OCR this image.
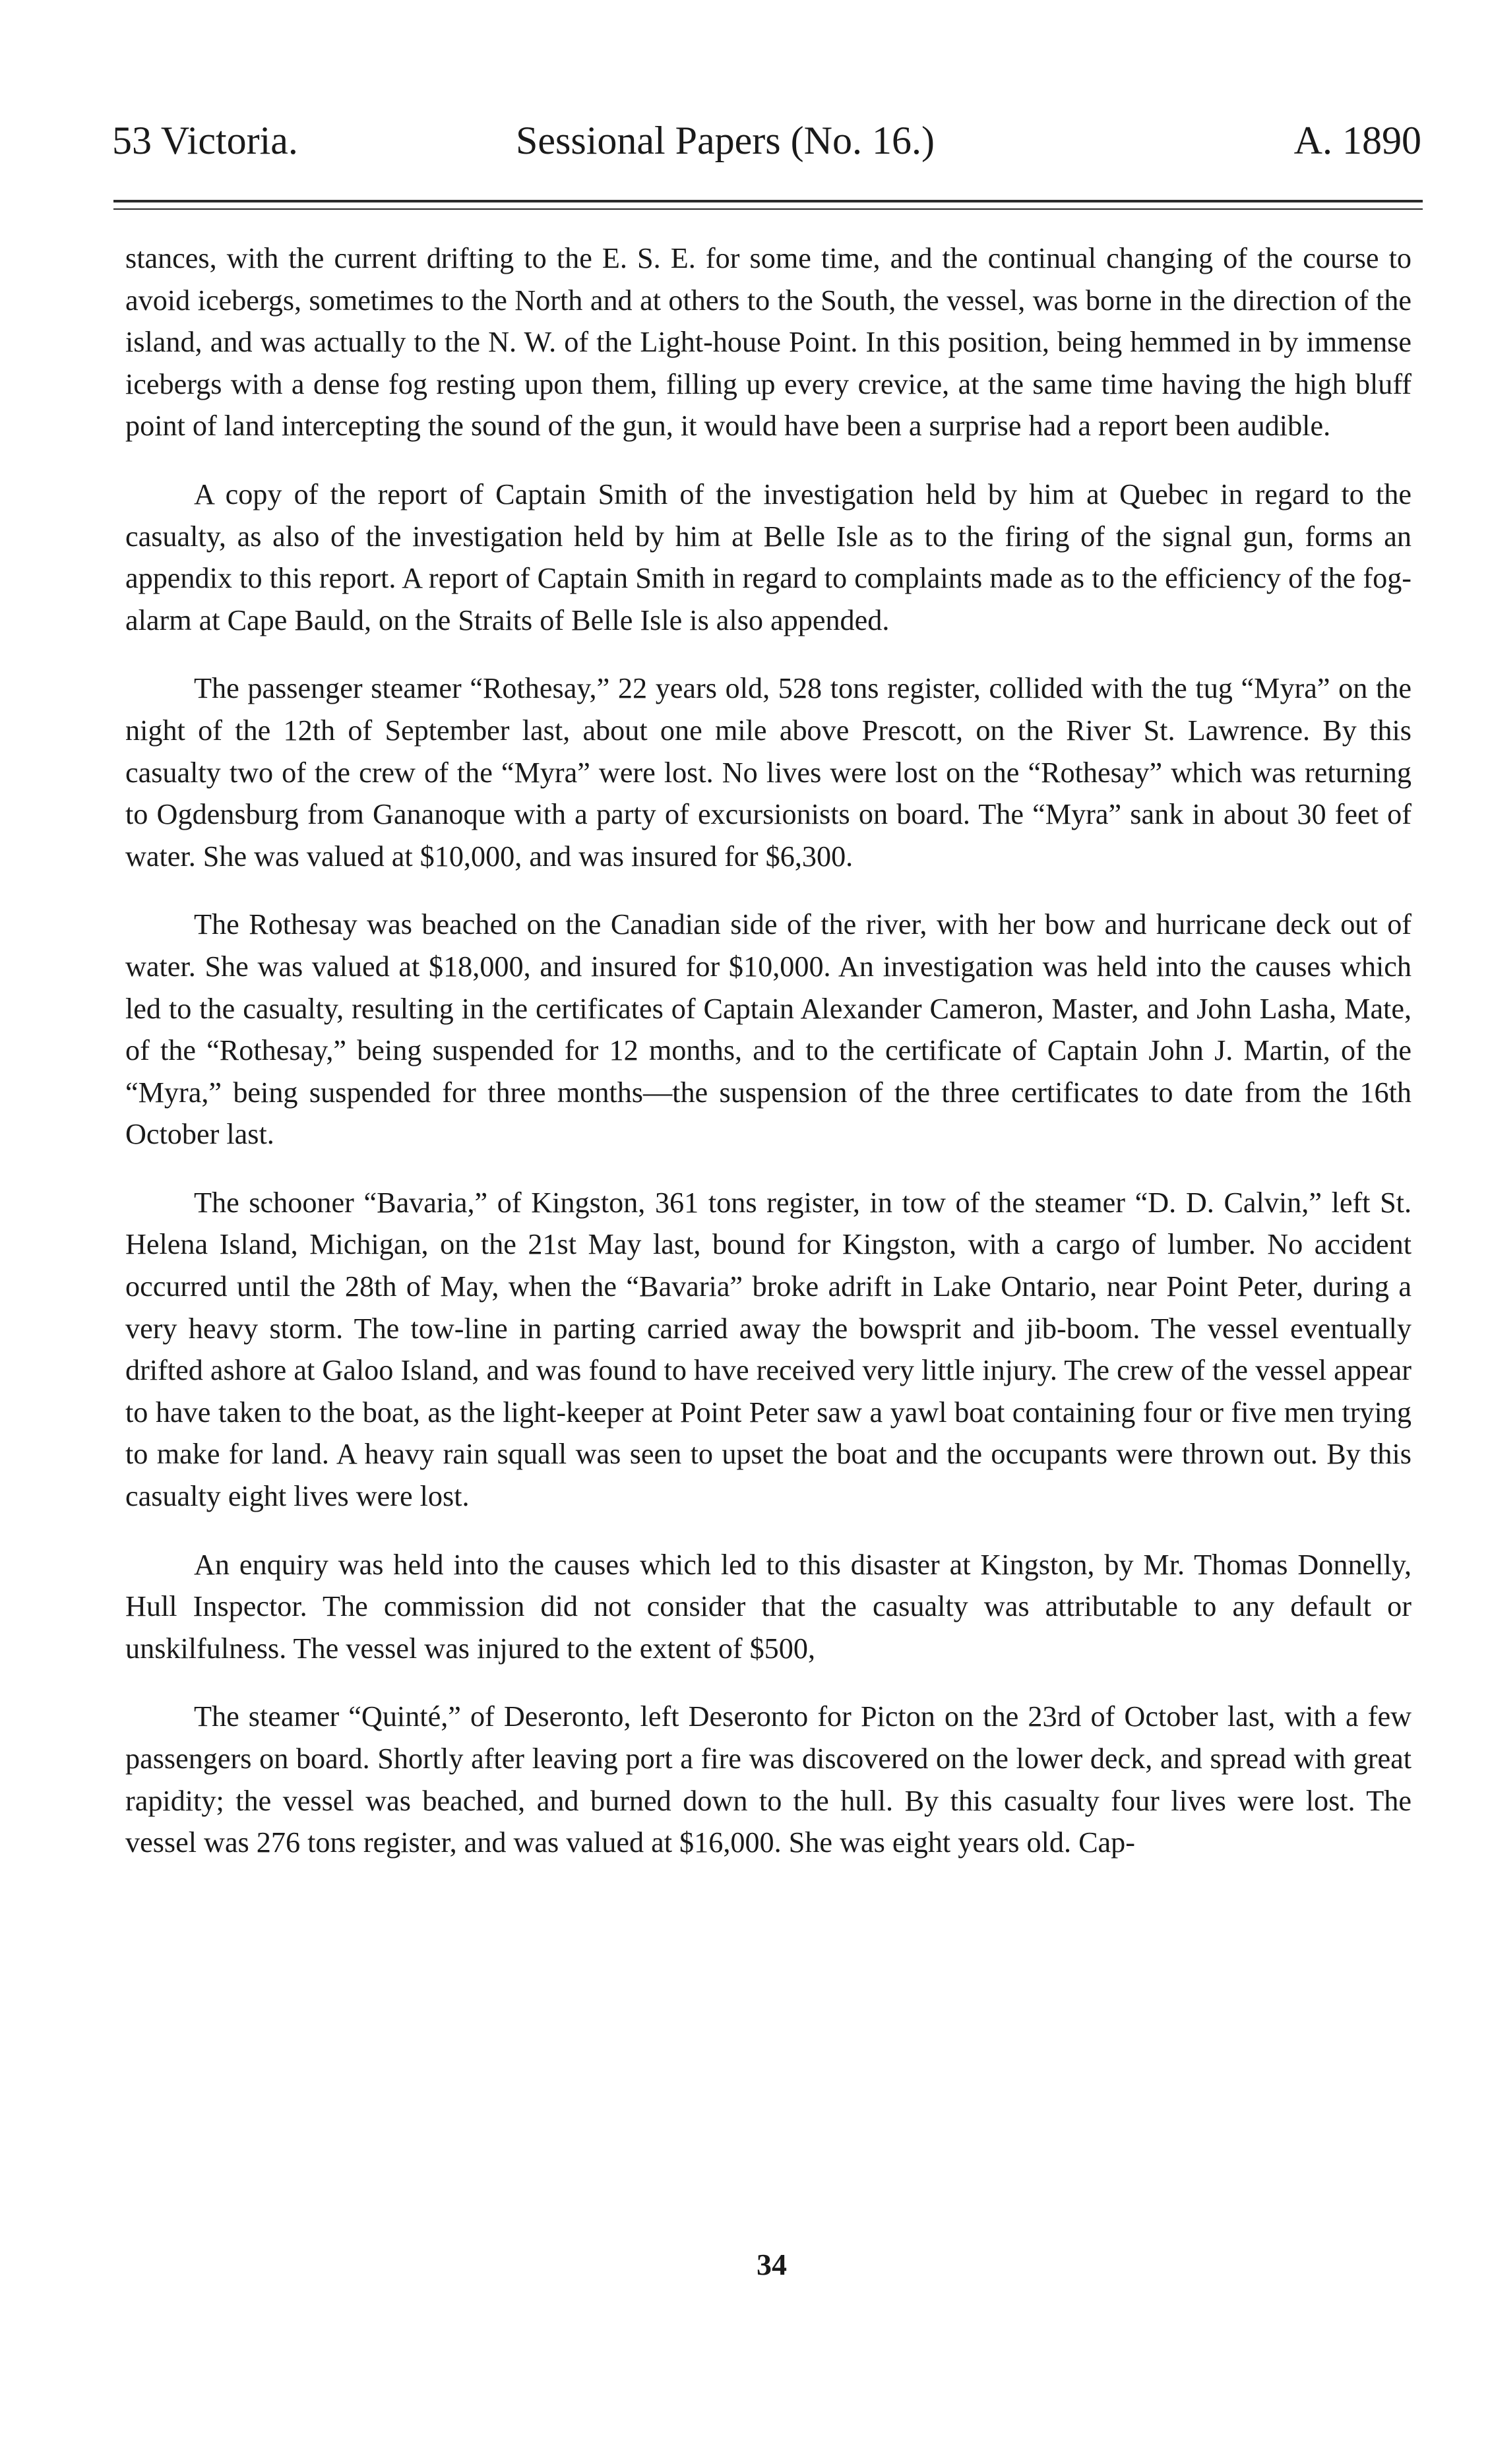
53 Victoria.	Sessional Papers (No. 16.)	A. 1890

stances, with the current drifting to the E. S. E. for some time, and the continual changing of the course to avoid icebergs, sometimes to the North and at others to the South, the vessel, was borne in the direction of the island, and was actually to the N. W. of the Light-house Point. In this position, being hemmed in by immense icebergs with a dense fog resting upon them, filling up every crevice, at the same time having the high bluff point of land intercepting the sound of the gun, it would have been a surprise had a report been audible.

A copy of the report of Captain Smith of the investigation held by him at Quebec in regard to the casualty, as also of the investigation held by him at Belle Isle as to the firing of the signal gun, forms an appendix to this report. A report of Captain Smith in regard to complaints made as to the efficiency of the fog-alarm at Cape Bauld, on the Straits of Belle Isle is also appended.

The passenger steamer “Rothesay,” 22 years old, 528 tons register, collided with the tug “Myra” on the night of the 12th of September last, about one mile above Prescott, on the River St. Lawrence. By this casualty two of the crew of the “Myra” were lost. No lives were lost on the “Rothesay” which was returning to Ogdensburg from Gananoque with a party of excursionists on board. The “Myra” sank in about 30 feet of water. She was valued at $10,000, and was insured for $6,300.

The Rothesay was beached on the Canadian side of the river, with her bow and hurricane deck out of water. She was valued at $18,000, and insured for $10,000. An investigation was held into the causes which led to the casualty, resulting in the certificates of Captain Alexander Cameron, Master, and John Lasha, Mate, of the “Rothesay,” being suspended for 12 months, and to the certificate of Captain John J. Martin, of the “Myra,” being suspended for three months—the suspension of the three certificates to date from the 16th October last.

The schooner “Bavaria,” of Kingston, 361 tons register, in tow of the steamer “D. D. Calvin,” left St. Helena Island, Michigan, on the 21st May last, bound for Kingston, with a cargo of lumber. No accident occurred until the 28th of May, when the “Bavaria” broke adrift in Lake Ontario, near Point Peter, during a very heavy storm. The tow-line in parting carried away the bowsprit and jib-boom. The vessel eventually drifted ashore at Galoo Island, and was found to have received very little injury. The crew of the vessel appear to have taken to the boat, as the light-keeper at Point Peter saw a yawl boat containing four or five men trying to make for land. A heavy rain squall was seen to upset the boat and the occupants were thrown out. By this casualty eight lives were lost.

An enquiry was held into the causes which led to this disaster at Kingston, by Mr. Thomas Donnelly, Hull Inspector. The commission did not consider that the casualty was attributable to any default or unskilfulness. The vessel was injured to the extent of $500,

The steamer “Quinté,” of Deseronto, left Deseronto for Picton on the 23rd of October last, with a few passengers on board. Shortly after leaving port a fire was discovered on the lower deck, and spread with great rapidity; the vessel was beached, and burned down to the hull. By this casualty four lives were lost. The vessel was 276 tons register, and was valued at $16,000. She was eight years old. Cap-

34
